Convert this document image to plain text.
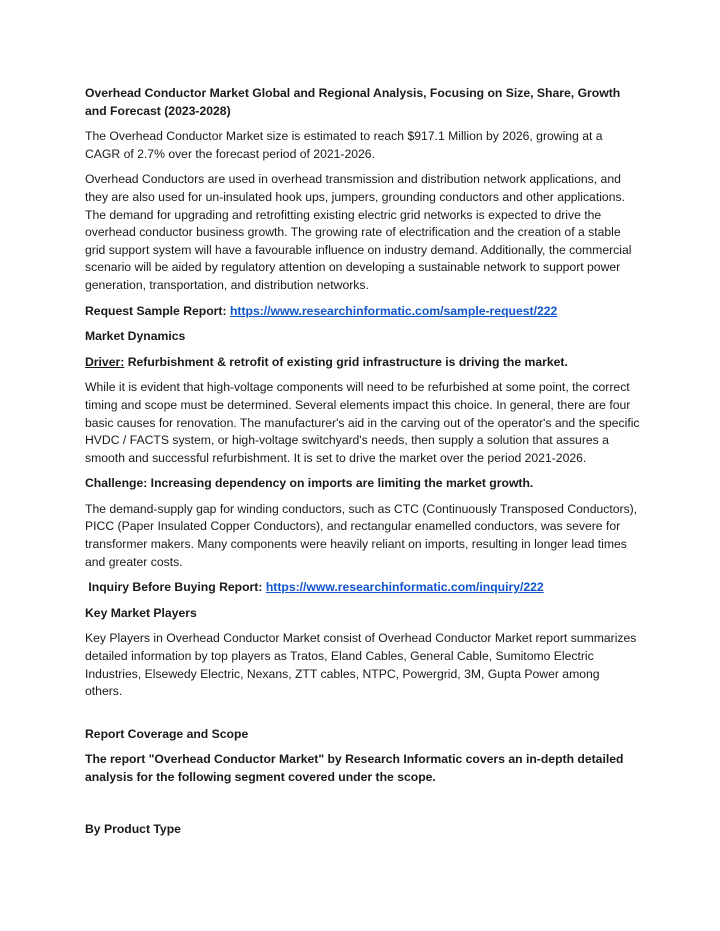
Overhead Conductor Market Global and Regional Analysis, Focusing on Size, Share, Growth and Forecast (2023-2028)

The Overhead Conductor Market size is estimated to reach $917.1 Million by 2026, growing at a CAGR of 2.7% over the forecast period of 2021-2026.

Overhead Conductors are used in overhead transmission and distribution network applications, and they are also used for un-insulated hook ups, jumpers, grounding conductors and other applications. The demand for upgrading and retrofitting existing electric grid networks is expected to drive the overhead conductor business growth. The growing rate of electrification and the creation of a stable grid support system will have a favourable influence on industry demand. Additionally, the commercial scenario will be aided by regulatory attention on developing a sustainable network to support power generation, transportation, and distribution networks.

Request Sample Report: https://www.researchinformatic.com/sample-request/222

Market Dynamics

Driver: Refurbishment & retrofit of existing grid infrastructure is driving the market.

While it is evident that high-voltage components will need to be refurbished at some point, the correct timing and scope must be determined. Several elements impact this choice. In general, there are four basic causes for renovation. The manufacturer's aid in the carving out of the operator's and the specific HVDC / FACTS system, or high-voltage switchyard's needs, then supply a solution that assures a smooth and successful refurbishment. It is set to drive the market over the period 2021-2026.

Challenge: Increasing dependency on imports are limiting the market growth.

The demand-supply gap for winding conductors, such as CTC (Continuously Transposed Conductors), PICC (Paper Insulated Copper Conductors), and rectangular enamelled conductors, was severe for transformer makers. Many components were heavily reliant on imports, resulting in longer lead times and greater costs.

Inquiry Before Buying Report: https://www.researchinformatic.com/inquiry/222

Key Market Players

Key Players in Overhead Conductor Market consist of Overhead Conductor Market report summarizes detailed information by top players as Tratos, Eland Cables, General Cable, Sumitomo Electric Industries, Elsewedy Electric, Nexans, ZTT cables, NTPC, Powergrid, 3M, Gupta Power among others.

Report Coverage and Scope

The report "Overhead Conductor Market" by Research Informatic covers an in-depth detailed analysis for the following segment covered under the scope.

By Product Type
